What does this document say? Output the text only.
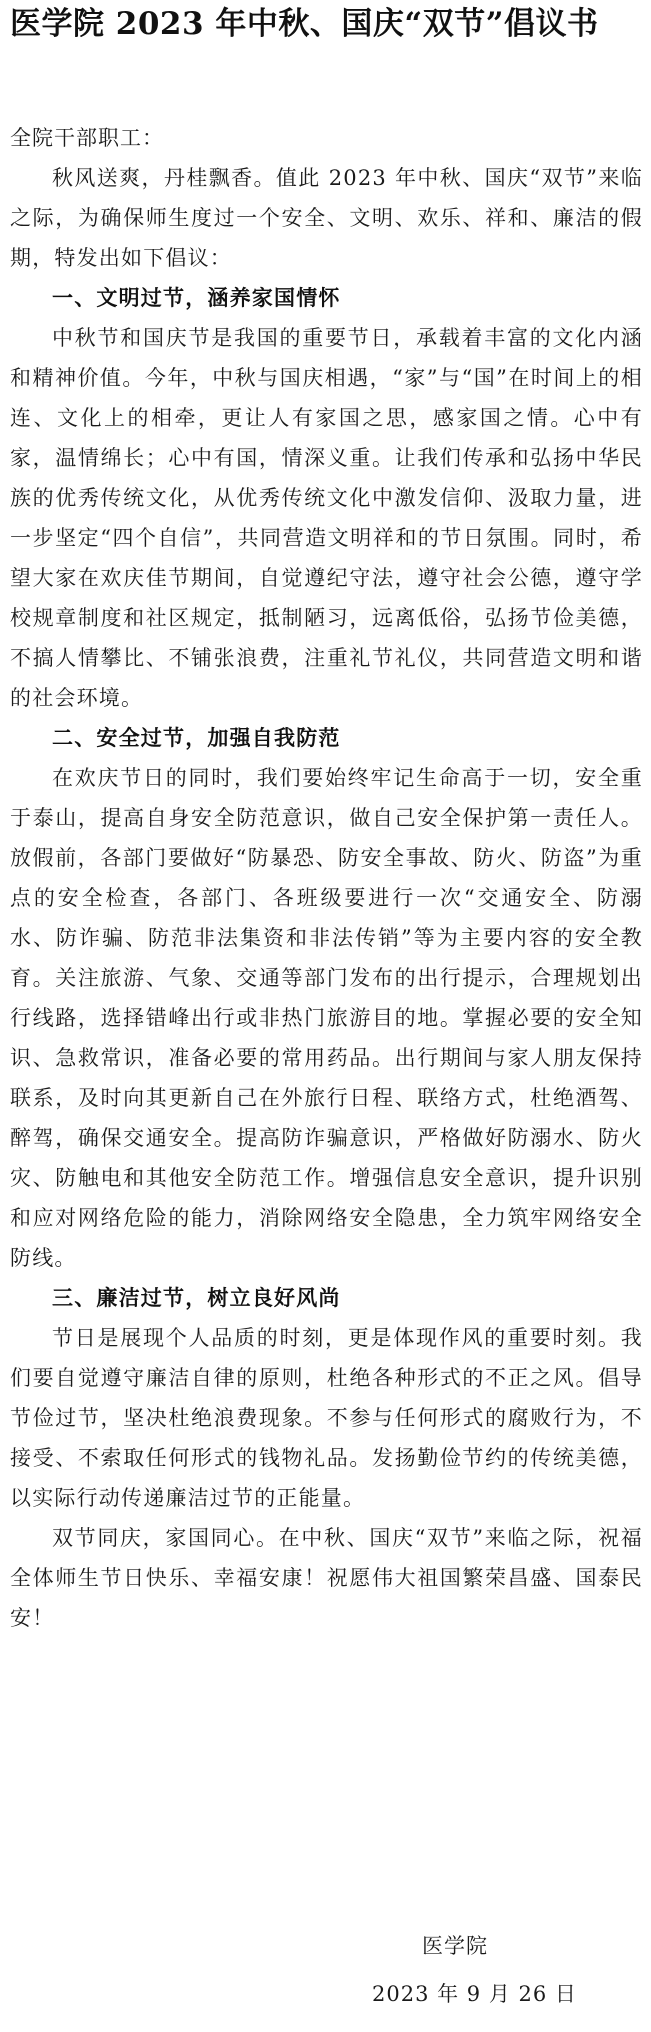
医学院 2023 年中秋、国庆“双节”倡议书

全院干部职工：

秋风送爽，丹桂飘香。值此 2023 年中秋、国庆“双节”来临之际，为确保师生度过一个安全、文明、欢乐、祥和、廉洁的假期，特发出如下倡议：

一、文明过节，涵养家国情怀

中秋节和国庆节是我国的重要节日，承载着丰富的文化内涵和精神价值。今年，中秋与国庆相遇，“家”与“国”在时间上的相连、文化上的相牵，更让人有家国之思，感家国之情。心中有家，温情绵长；心中有国，情深义重。让我们传承和弘扬中华民族的优秀传统文化，从优秀传统文化中激发信仰、汲取力量，进一步坚定“四个自信”，共同营造文明祥和的节日氛围。同时，希望大家在欢庆佳节期间，自觉遵纪守法，遵守社会公德，遵守学校规章制度和社区规定，抵制陋习，远离低俗，弘扬节俭美德，不搞人情攀比、不铺张浪费，注重礼节礼仪，共同营造文明和谐的社会环境。

二、安全过节，加强自我防范

在欢庆节日的同时，我们要始终牢记生命高于一切，安全重于泰山，提高自身安全防范意识，做自己安全保护第一责任人。放假前，各部门要做好“防暴恐、防安全事故、防火、防盗”为重点的安全检查，各部门、各班级要进行一次“交通安全、防溺水、防诈骗、防范非法集资和非法传销”等为主要内容的安全教育。关注旅游、气象、交通等部门发布的出行提示，合理规划出行线路，选择错峰出行或非热门旅游目的地。掌握必要的安全知识、急救常识，准备必要的常用药品。出行期间与家人朋友保持联系，及时向其更新自己在外旅行日程、联络方式，杜绝酒驾、醉驾，确保交通安全。提高防诈骗意识，严格做好防溺水、防火灾、防触电和其他安全防范工作。增强信息安全意识，提升识别和应对网络危险的能力，消除网络安全隐患，全力筑牢网络安全防线。

三、廉洁过节，树立良好风尚

节日是展现个人品质的时刻，更是体现作风的重要时刻。我们要自觉遵守廉洁自律的原则，杜绝各种形式的不正之风。倡导节俭过节，坚决杜绝浪费现象。不参与任何形式的腐败行为，不接受、不索取任何形式的钱物礼品。发扬勤俭节约的传统美德，以实际行动传递廉洁过节的正能量。

双节同庆，家国同心。在中秋、国庆“双节”来临之际，祝福全体师生节日快乐、幸福安康！祝愿伟大祖国繁荣昌盛、国泰民安！

医学院
2023 年 9 月 26 日
